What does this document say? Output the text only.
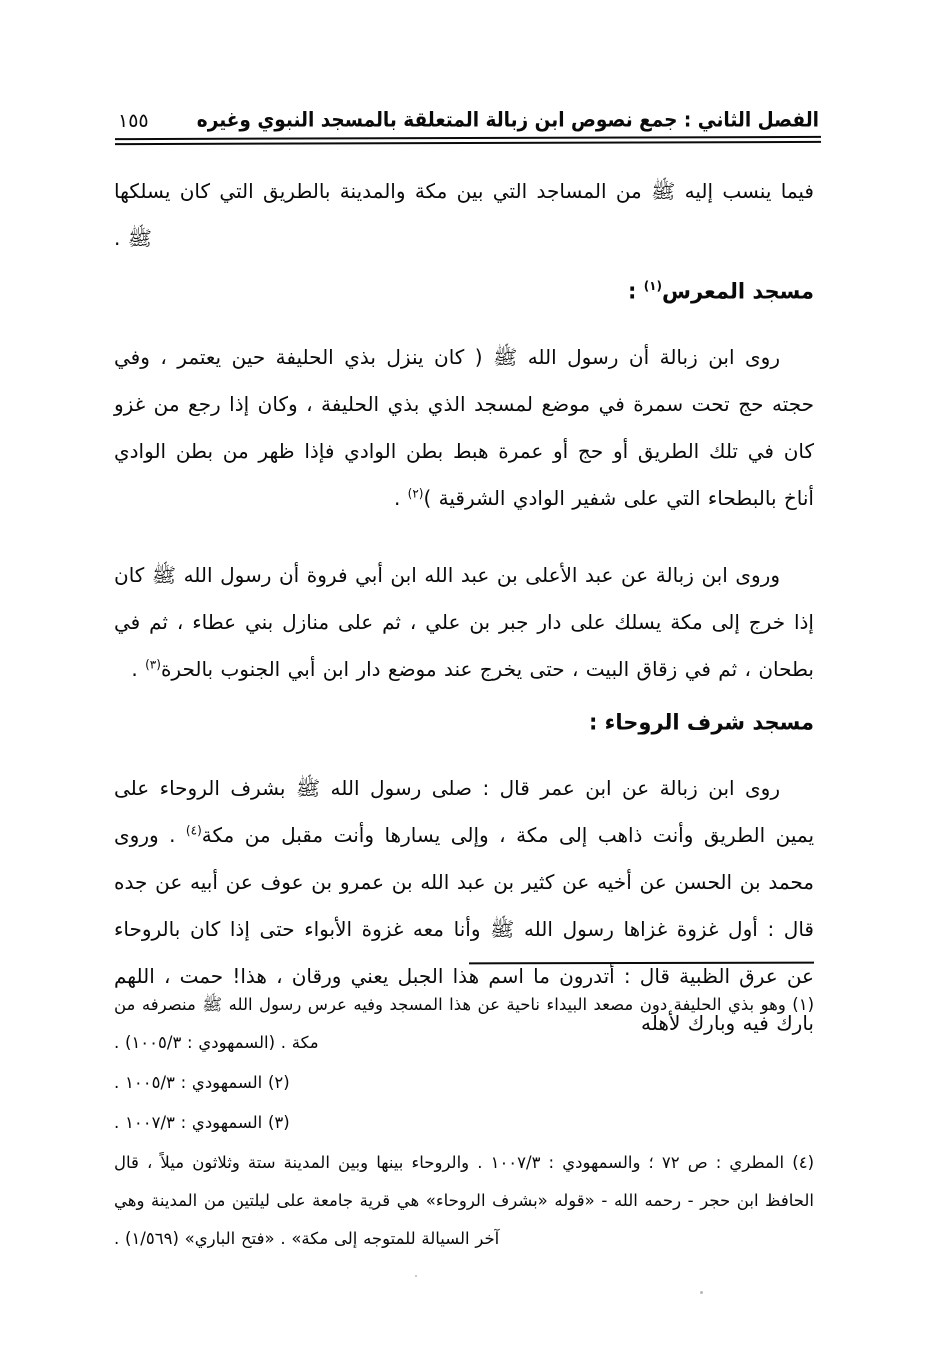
الفصل الثاني : جمع نصوص ابن زبالة المتعلقة بالمسجد النبوي وغيره
١٥٥

فيما ينسب إليه ﷺ من المساجد التي بين مكة والمدينة بالطريق التي كان يسلكها ﷺ .

مسجد المعرس$^{(١)}$ :

روى ابن زبالة أن رسول الله ﷺ ( كان ينزل بذي الحليفة حين يعتمر ، وفي حجته حج تحت سمرة في موضع لمسجد الذي بذي الحليفة ، وكان إذا رجع من غزو كان في تلك الطريق أو حج أو عمرة هبط بطن الوادي فإذا ظهر من بطن الوادي أناخ بالبطحاء التي على شفير الوادي الشرقية )$^{(٢)}$ .

وروى ابن زبالة عن عبد الأعلى بن عبد الله ابن أبي فروة أن رسول الله ﷺ كان إذا خرج إلى مكة يسلك على دار جبر بن علي ، ثم على منازل بني عطاء ، ثم في بطحان ، ثم في زقاق البيت ، حتى يخرج عند موضع دار ابن أبي الجنوب بالحرة$^{(٣)}$ .

مسجد شرف الروحاء :

روى ابن زبالة عن ابن عمر قال : صلى رسول الله ﷺ بشرف الروحاء على يمين الطريق وأنت ذاهب إلى مكة ، وإلى يسارها وأنت مقبل من مكة$^{(٤)}$ . وروى محمد بن الحسن عن أخيه عن كثير بن عبد الله بن عمرو بن عوف عن أبيه عن جده قال : أول غزوة غزاها رسول الله ﷺ وأنا معه غزوة الأبواء حتى إذا كان بالروحاء عن عرق الظبية قال : أتدرون ما اسم هذا الجبل يعني ورقان ، هذا! حمت ، اللهم بارك فيه وبارك لأهله

(١) وهو بذي الحليفة دون مصعد البيداء ناحية عن هذا المسجد وفيه عرس رسول الله ﷺ منصرفه من مكة . (السمهودي : ١٠٠٥/٣) .

(٢) السمهودي : ١٠٠٥/٣ .

(٣) السمهودي : ١٠٠٧/٣ .

(٤) المطري : ص ٧٢ ؛ والسمهودي : ١٠٠٧/٣ . والروحاء بينها وبين المدينة ستة وثلاثون ميلاً ، قال الحافظ ابن حجر - رحمه الله - «قوله «بشرف الروحاء» هي قرية جامعة على ليلتين من المدينة وهي آخر السيالة للمتوجه إلى مكة» . «فتح الباري» (١/٥٦٩) .
